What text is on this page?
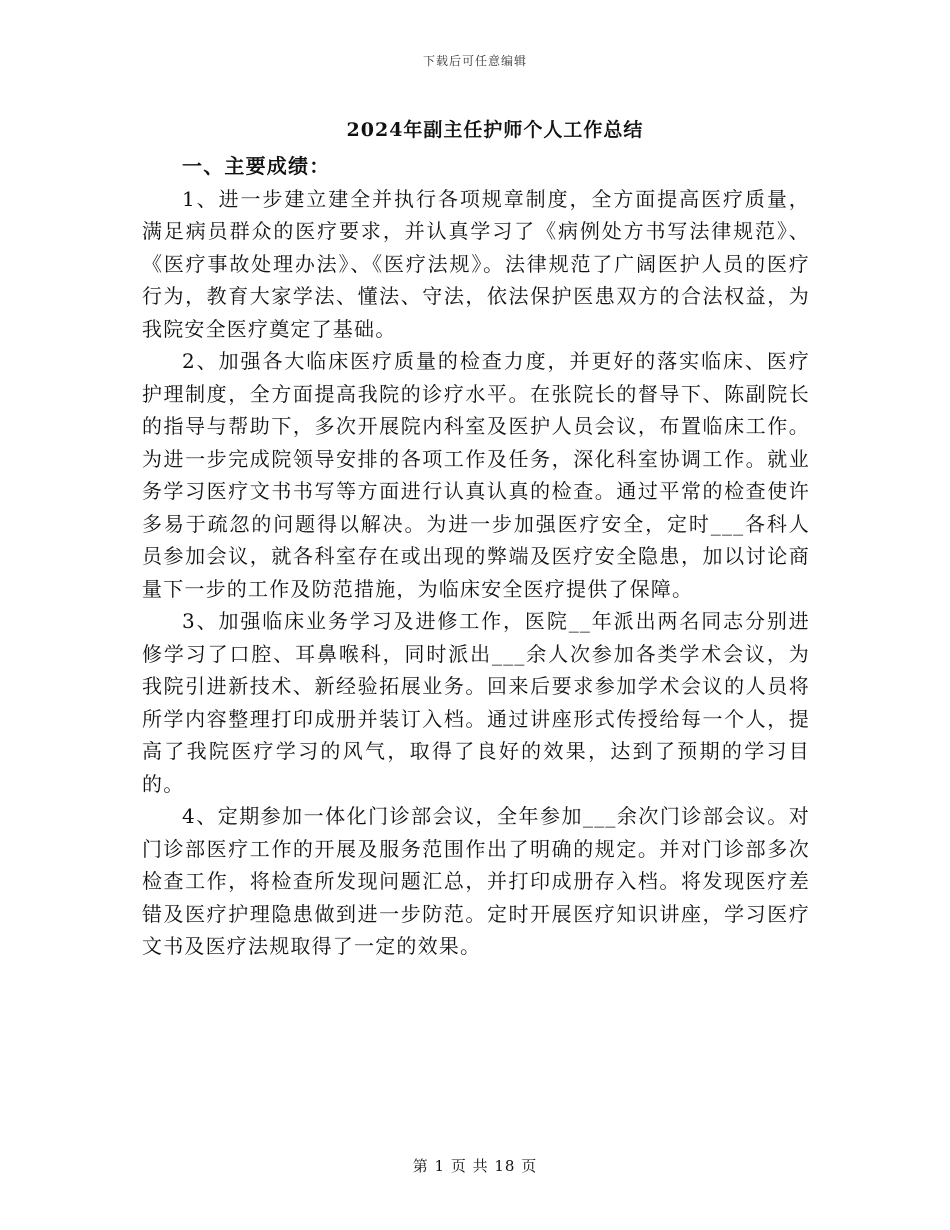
下载后可任意编辑
2024年副主任护师个人工作总结

一、主要成绩：

1、进一步建立建全并执行各项规章制度，全方面提高医疗质量，满足病员群众的医疗要求，并认真学习了《病例处方书写法律规范》、《医疗事故处理办法》、《医疗法规》。法律规范了广阔医护人员的医疗行为，教育大家学法、懂法、守法，依法保护医患双方的合法权益，为我院安全医疗奠定了基础。

2、加强各大临床医疗质量的检查力度，并更好的落实临床、医疗护理制度，全方面提高我院的诊疗水平。在张院长的督导下、陈副院长的指导与帮助下，多次开展院内科室及医护人员会议，布置临床工作。为进一步完成院领导安排的各项工作及任务，深化科室协调工作。就业务学习医疗文书书写等方面进行认真认真的检查。通过平常的检查使许多易于疏忽的问题得以解决。为进一步加强医疗安全，定时___各科人员参加会议，就各科室存在或出现的弊端及医疗安全隐患，加以讨论商量下一步的工作及防范措施，为临床安全医疗提供了保障。

3、加强临床业务学习及进修工作，医院__年派出两名同志分别进修学习了口腔、耳鼻喉科，同时派出___余人次参加各类学术会议，为我院引进新技术、新经验拓展业务。回来后要求参加学术会议的人员将所学内容整理打印成册并装订入档。通过讲座形式传授给每一个人，提高了我院医疗学习的风气，取得了良好的效果，达到了预期的学习目的。

4、定期参加一体化门诊部会议，全年参加___余次门诊部会议。对门诊部医疗工作的开展及服务范围作出了明确的规定。并对门诊部多次检查工作，将检查所发现问题汇总，并打印成册存入档。将发现医疗差错及医疗护理隐患做到进一步防范。定时开展医疗知识讲座，学习医疗文书及医疗法规取得了一定的效果。

第 1 页 共 18 页
